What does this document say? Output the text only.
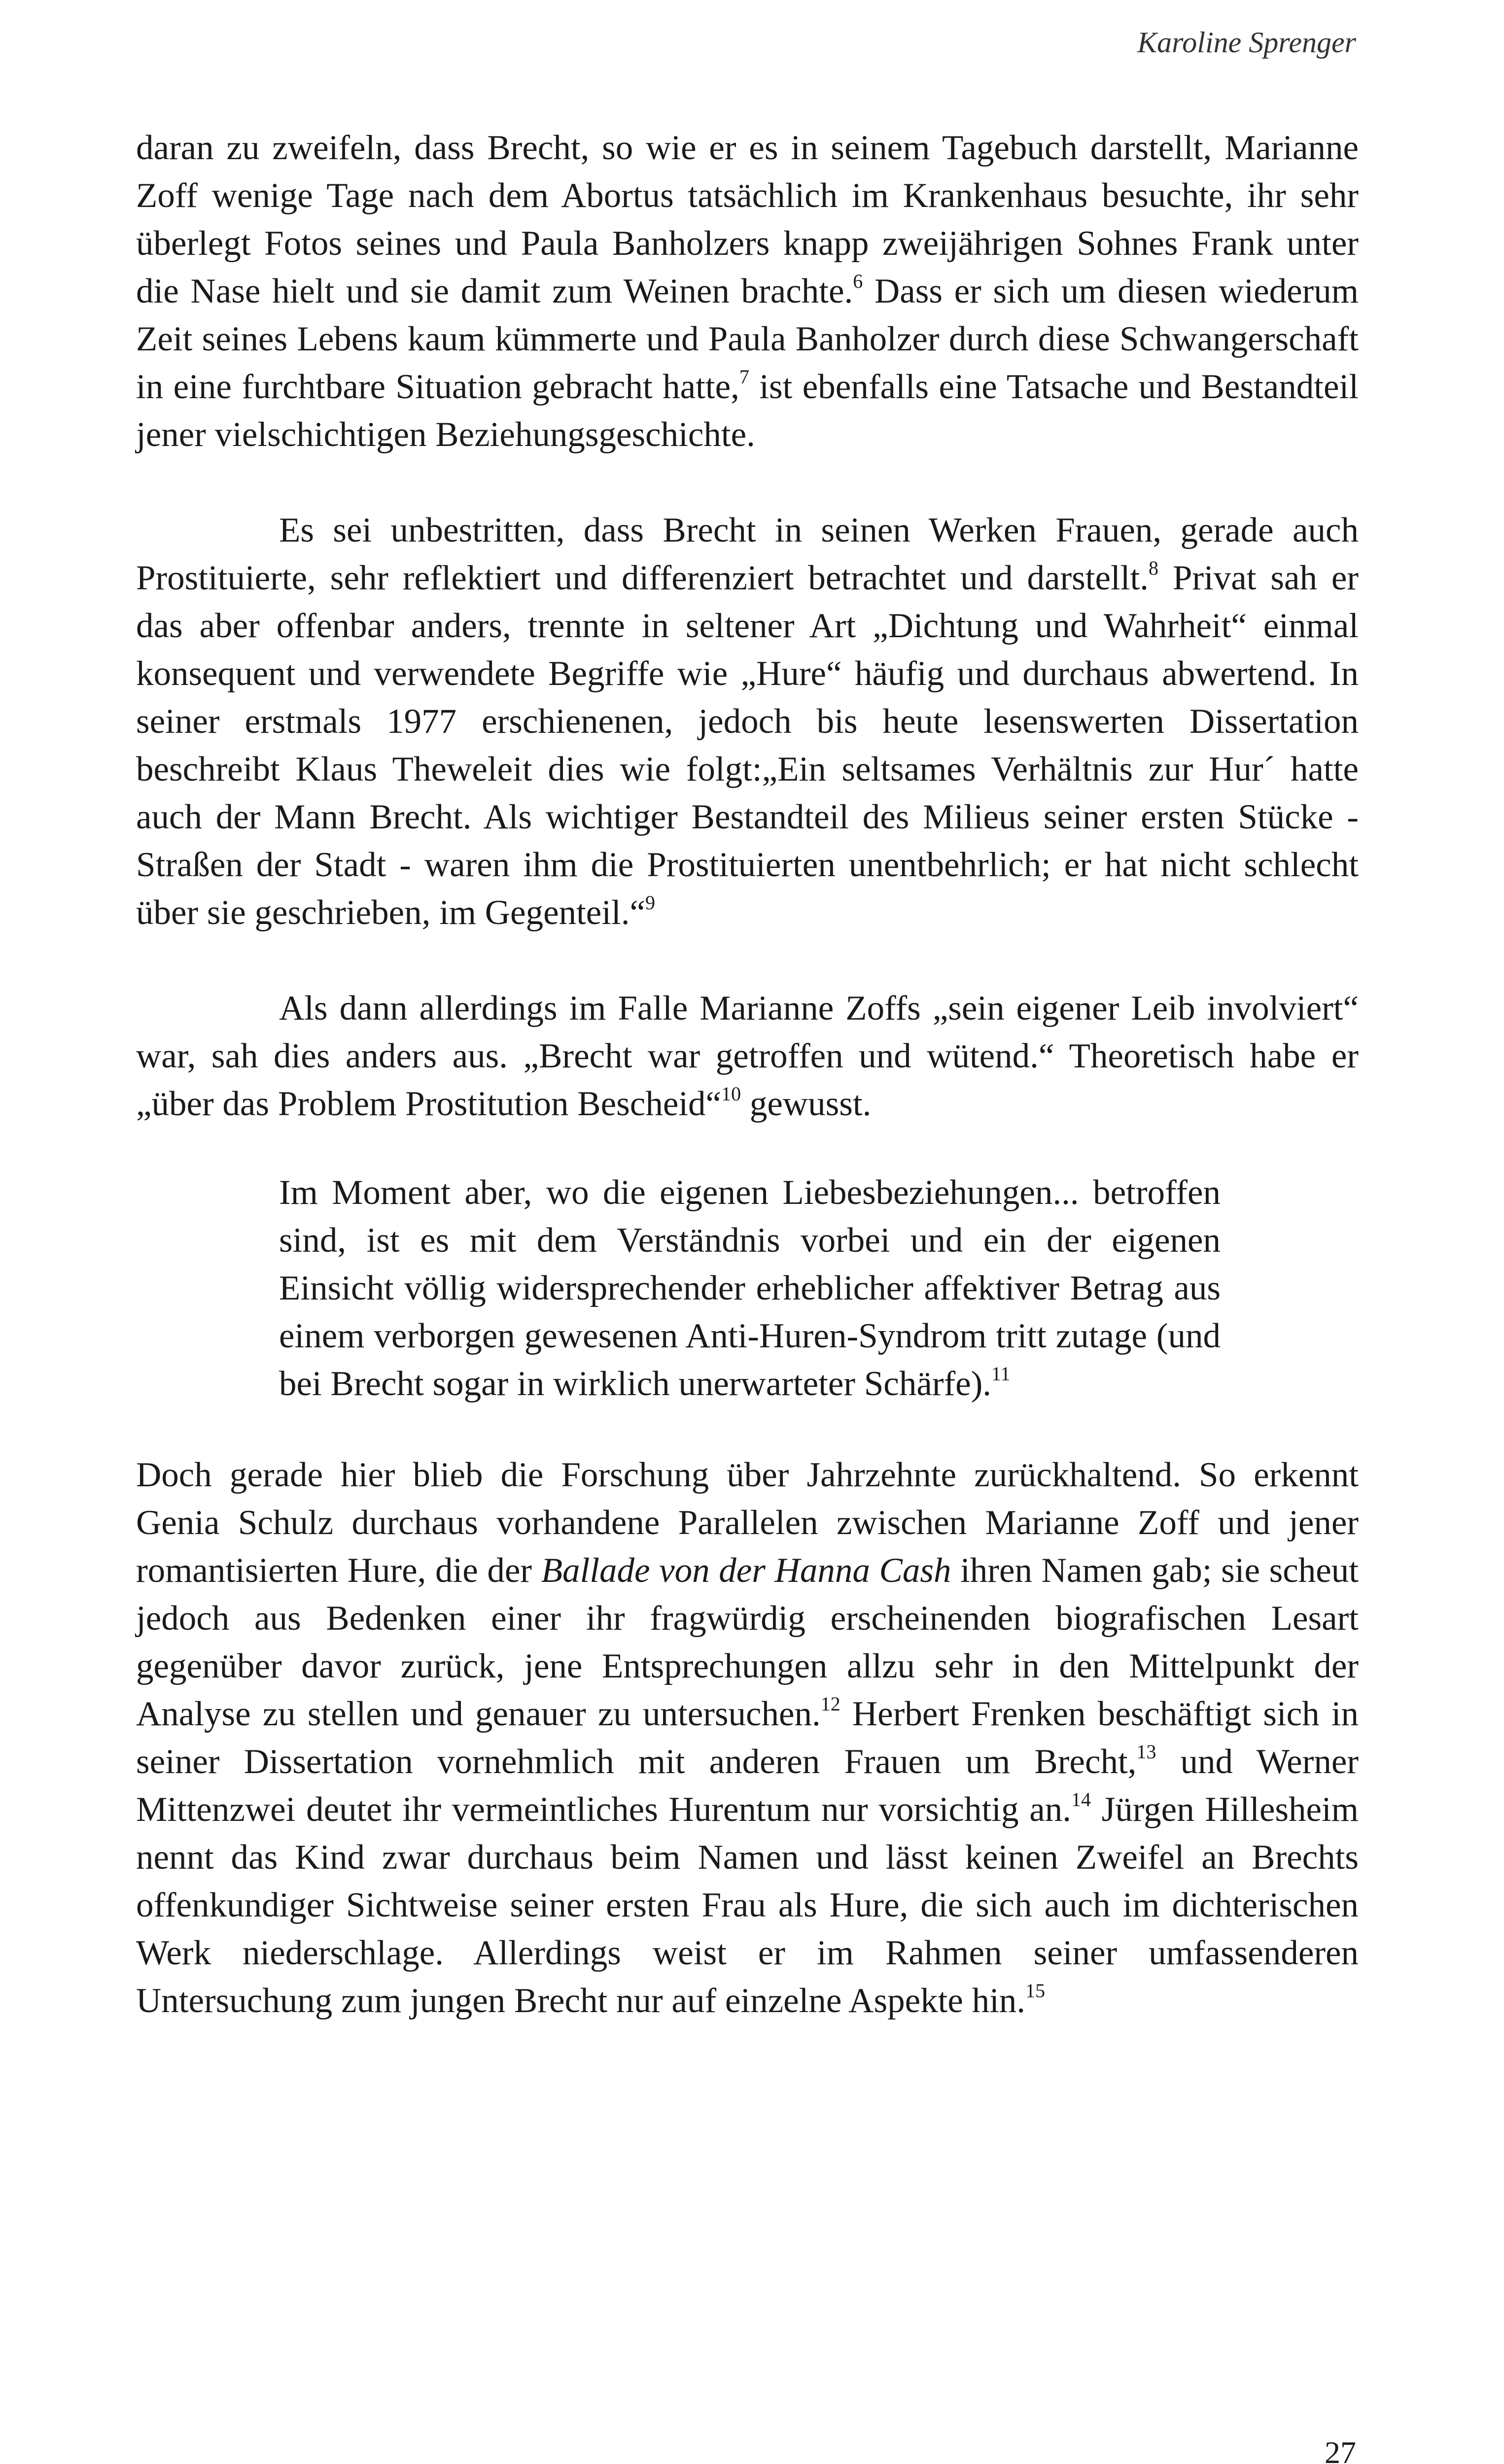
Karoline Sprenger

daran zu zweifeln, dass Brecht, so wie er es in seinem Tagebuch darstellt, Marianne Zoff wenige Tage nach dem Abortus tatsächlich im Krankenhaus besuchte, ihr sehr überlegt Fotos seines und Paula Banholzers knapp zweijährigen Sohnes Frank unter die Nase hielt und sie damit zum Weinen brachte.$^6$ Dass er sich um diesen wiederum Zeit seines Lebens kaum kümmerte und Paula Banholzer durch diese Schwangerschaft in eine furchtbare Situation gebracht hatte,$^7$ ist ebenfalls eine Tatsache und Bestandteil jener vielschichtigen Beziehungsgeschichte.

Es sei unbestritten, dass Brecht in seinen Werken Frauen, gerade auch Prostituierte, sehr reflektiert und differenziert betrachtet und darstellt.$^8$ Privat sah er das aber offenbar anders, trennte in seltener Art „Dichtung und Wahrheit“ einmal konsequent und verwendete Begriffe wie „Hure“ häufig und durchaus abwertend. In seiner erstmals 1977 erschienenen, jedoch bis heute lesenswerten Dissertation beschreibt Klaus Theweleit dies wie folgt:„Ein seltsames Verhältnis zur Hur´ hatte auch der Mann Brecht. Als wichtiger Bestandteil des Milieus seiner ersten Stücke - Straßen der Stadt - waren ihm die Prostituierten unentbehrlich; er hat nicht schlecht über sie geschrieben, im Gegenteil.“$^9$

Als dann allerdings im Falle Marianne Zoffs „sein eigener Leib involviert“ war, sah dies anders aus. „Brecht war getroffen und wütend.“ Theoretisch habe er „über das Problem Prostitution Bescheid“$^{10}$ gewusst.

Im Moment aber, wo die eigenen Liebesbeziehungen... betroffen sind, ist es mit dem Verständnis vorbei und ein der eigenen Einsicht völlig widersprechender erheblicher affektiver Betrag aus einem verborgen gewesenen Anti-Huren-Syndrom tritt zutage (und bei Brecht sogar in wirklich unerwarteter Schärfe).$^{11}$

Doch gerade hier blieb die Forschung über Jahrzehnte zurückhaltend. So erkennt Genia Schulz durchaus vorhandene Parallelen zwischen Marianne Zoff und jener romantisierten Hure, die der Ballade von der Hanna Cash ihren Namen gab; sie scheut jedoch aus Bedenken einer ihr fragwürdig erscheinenden biografischen Lesart gegenüber davor zurück, jene Entsprechungen allzu sehr in den Mittelpunkt der Analyse zu stellen und genauer zu untersuchen.$^{12}$ Herbert Frenken beschäftigt sich in seiner Dissertation vornehmlich mit anderen Frauen um Brecht,$^{13}$ und Werner Mittenzwei deutet ihr vermeintliches Hurentum nur vorsichtig an.$^{14}$ Jürgen Hillesheim nennt das Kind zwar durchaus beim Namen und lässt keinen Zweifel an Brechts offenkundiger Sichtweise seiner ersten Frau als Hure, die sich auch im dichterischen Werk niederschlage. Allerdings weist er im Rahmen seiner umfassenderen Untersuchung zum jungen Brecht nur auf einzelne Aspekte hin.$^{15}$

27
